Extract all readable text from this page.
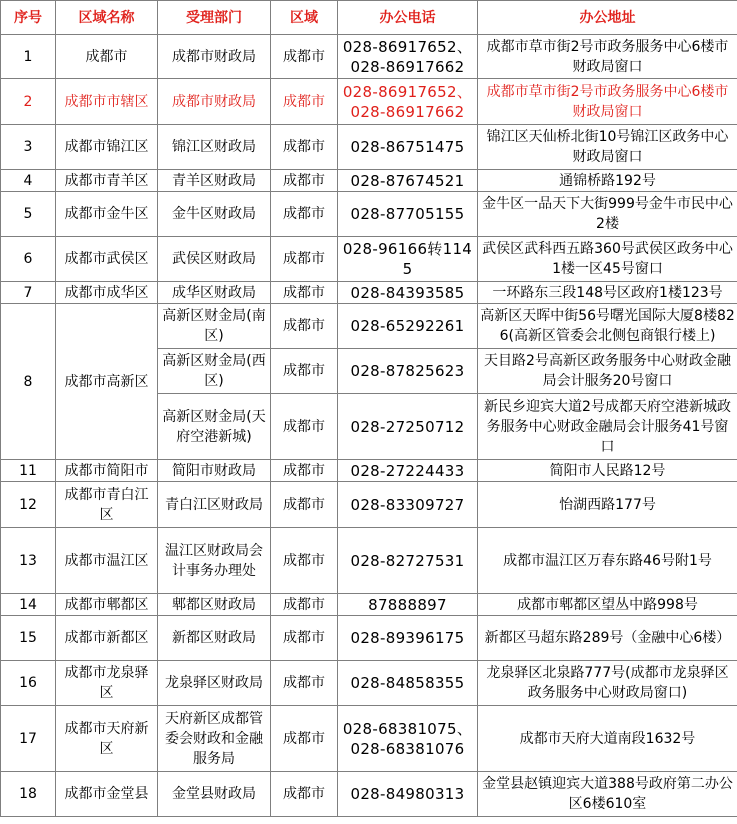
序号	区域名称	受理部门	区域	办公电话	办公地址
1	成都市	成都市财政局	成都市	028-86917652、028-86917662	成都市草市街2号市政务服务中心6楼市财政局窗口
2	成都市市辖区	成都市财政局	成都市	028-86917652、028-86917662	成都市草市街2号市政务服务中心6楼市财政局窗口
3	成都市锦江区	锦江区财政局	成都市	028-86751475	锦江区天仙桥北街10号锦江区政务中心财政局窗口
4	成都市青羊区	青羊区财政局	成都市	028-87674521	通锦桥路192号
5	成都市金牛区	金牛区财政局	成都市	028-87705155	金牛区一品天下大街999号金牛市民中心2楼
6	成都市武侯区	武侯区财政局	成都市	028-96166转1145	武侯区武科西五路360号武侯区政务中心1楼一区45号窗口
7	成都市成华区	成华区财政局	成都市	028-84393585	一环路东三段148号区政府1楼123号
8	成都市高新区	高新区财金局(南区)	成都市	028-65292261	高新区天晖中街56号曙光国际大厦8楼826(高新区管委会北侧包商银行楼上)
		高新区财金局(西区)	成都市	028-87825623	天目路2号高新区政务服务中心财政金融局会计服务20号窗口
		高新区财金局(天府空港新城)	成都市	028-27250712	新民乡迎宾大道2号成都天府空港新城政务服务中心财政金融局会计服务41号窗口
11	成都市简阳市	简阳市财政局	成都市	028-27224433	简阳市人民路12号
12	成都市青白江区	青白江区财政局	成都市	028-83309727	怡湖西路177号
13	成都市温江区	温江区财政局会计事务办理处	成都市	028-82727531	成都市温江区万春东路46号附1号
14	成都市郫都区	郫都区财政局	成都市	87888897	成都市郫都区望丛中路998号
15	成都市新都区	新都区财政局	成都市	028-89396175	新都区马超东路289号（金融中心6楼）
16	成都市龙泉驿区	龙泉驿区财政局	成都市	028-84858355	龙泉驿区北泉路777号(成都市龙泉驿区政务服务中心财政局窗口)
17	成都市天府新区	天府新区成都管委会财政和金融服务局	成都市	028-68381075、028-68381076	成都市天府大道南段1632号
18	成都市金堂县	金堂县财政局	成都市	028-84980313	金堂县赵镇迎宾大道388号政府第二办公区6楼610室
